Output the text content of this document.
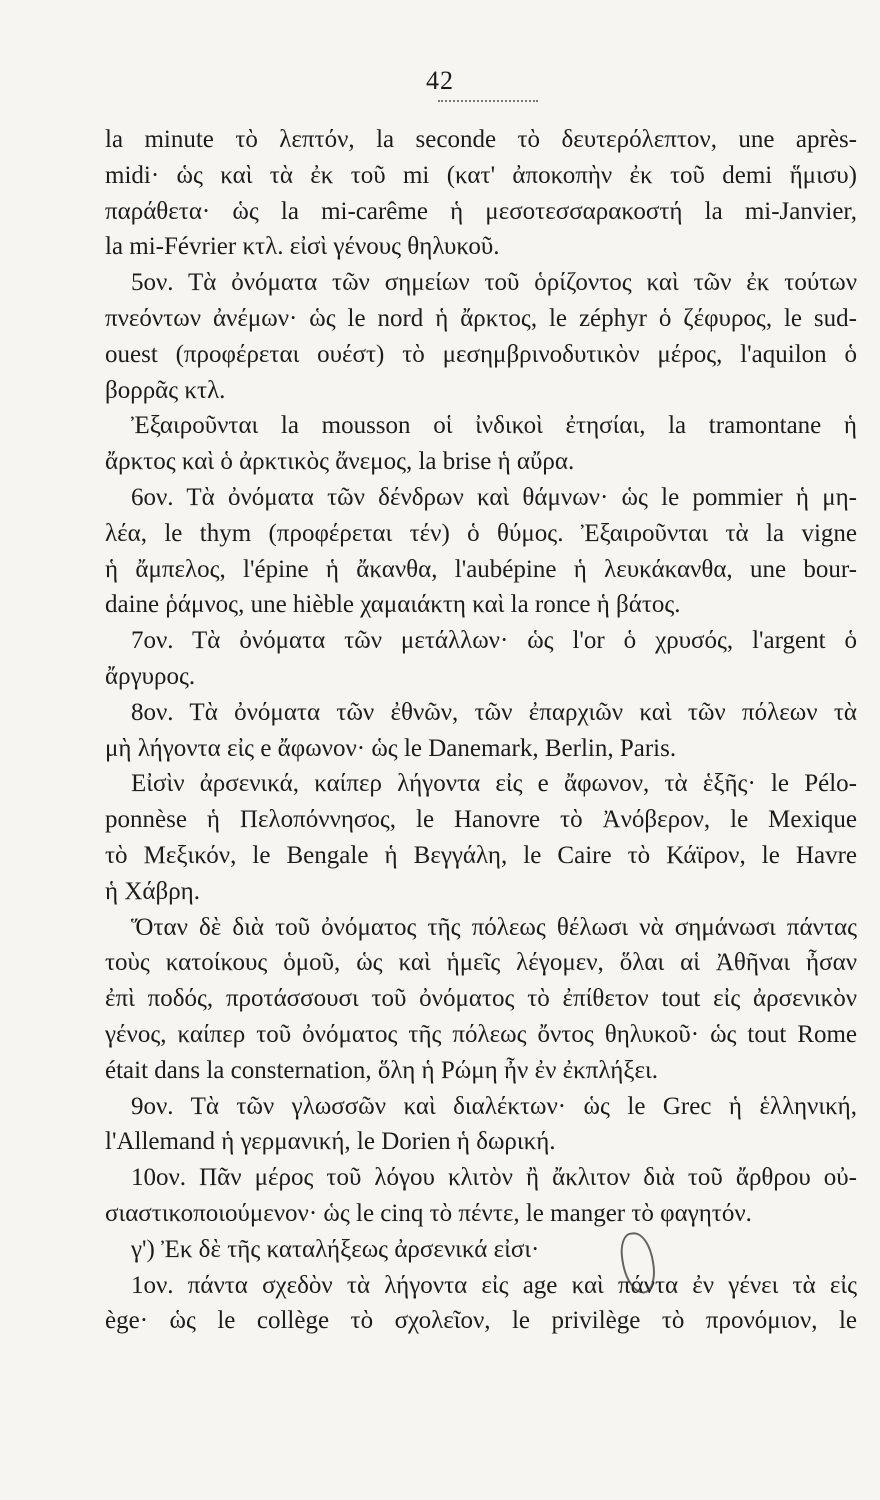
42
la minute τὸ λεπτόν, la seconde τὸ δευτερόλεπτον, une après-
midi· ὡς καὶ τὰ ἐκ τοῦ mi (κατ' ἀποκοπὴν ἐκ τοῦ demi ἥμισυ)
παράθετα· ὡς la mi-carême ἡ μεσοτεσσαρακοστή la mi-Janvier,
la mi-Février κτλ. εἰσὶ γένους θηλυκοῦ.
5ον. Τὰ ὀνόματα τῶν σημείων τοῦ ὁρίζοντος καὶ τῶν ἐκ τούτων
πνεόντων ἀνέμων· ὡς le nord ἡ ἄρκτος, le zéphyr ὁ ζέφυρος, le sud-
ouest (προφέρεται ουέστ) τὸ μεσημβρινοδυτικὸν μέρος, l'aquilon ὁ
βορρᾶς κτλ.
Ἐξαιροῦνται la mousson οἱ ἰνδικοὶ ἐτησίαι, la tramontane ἡ
ἄρκτος καὶ ὁ ἀρκτικὸς ἄνεμος, la brise ἡ αὔρα.
6ον. Τὰ ὀνόματα τῶν δένδρων καὶ θάμνων· ὡς le pommier ἡ μη-
λέα, le thym (προφέρεται τέν) ὁ θύμος. Ἐξαιροῦνται τὰ la vigne
ἡ ἄμπελος, l'épine ἡ ἄκανθα, l'aubépine ἡ λευκάκανθα, une bour-
daine ῥάμνος, une hièble χαμαιάκτη καὶ la ronce ἡ βάτος.
7ον. Τὰ ὀνόματα τῶν μετάλλων· ὡς l'or ὁ χρυσός, l'argent ὁ
ἄργυρος.
8ον. Τὰ ὀνόματα τῶν ἐθνῶν, τῶν ἐπαρχιῶν καὶ τῶν πόλεων τὰ
μὴ λήγοντα εἰς e ἄφωνον· ὡς le Danemark, Berlin, Paris.
Εἰσὶν ἀρσενικά, καίπερ λήγοντα εἰς e ἄφωνον, τὰ ἑξῆς· le Pélo-
ponnèse ἡ Πελοπόννησος, le Hanovre τὸ Ἀνόβερον, le Mexique
τὸ Μεξικόν, le Bengale ἡ Βεγγάλη, le Caire τὸ Κάϊρον, le Havre
ἡ Χάβρη.
Ὅταν δὲ διὰ τοῦ ὀνόματος τῆς πόλεως θέλωσι νὰ σημάνωσι πάντας
τοὺς κατοίκους ὁμοῦ, ὡς καὶ ἡμεῖς λέγομεν, ὅλαι αἱ Ἀθῆναι ἦσαν
ἐπὶ ποδός, προτάσσουσι τοῦ ὀνόματος τὸ ἐπίθετον tout εἰς ἀρσενικὸν
γένος, καίπερ τοῦ ὀνόματος τῆς πόλεως ὄντος θηλυκοῦ· ὡς tout Rome
était dans la consternation, ὅλη ἡ Ρώμη ἦν ἐν ἐκπλήξει.
9ον. Τὰ τῶν γλωσσῶν καὶ διαλέκτων· ὡς le Grec ἡ ἑλληνική,
l'Allemand ἡ γερμανική, le Dorien ἡ δωρική.
10ον. Πᾶν μέρος τοῦ λόγου κλιτὸν ἢ ἄκλιτον διὰ τοῦ ἄρθρου οὐ-
σιαστικοποιούμενον· ὡς le cinq τὸ πέντε, le manger τὸ φαγητόν.
γ') Ἐκ δὲ τῆς καταλήξεως ἀρσενικά εἰσι·
1ον. πάντα σχεδὸν τὰ λήγοντα εἰς age καὶ πάντα ἐν γένει τὰ εἰς
ège· ὡς le collège τὸ σχολεῖον, le privilège τὸ προνόμιον, le
